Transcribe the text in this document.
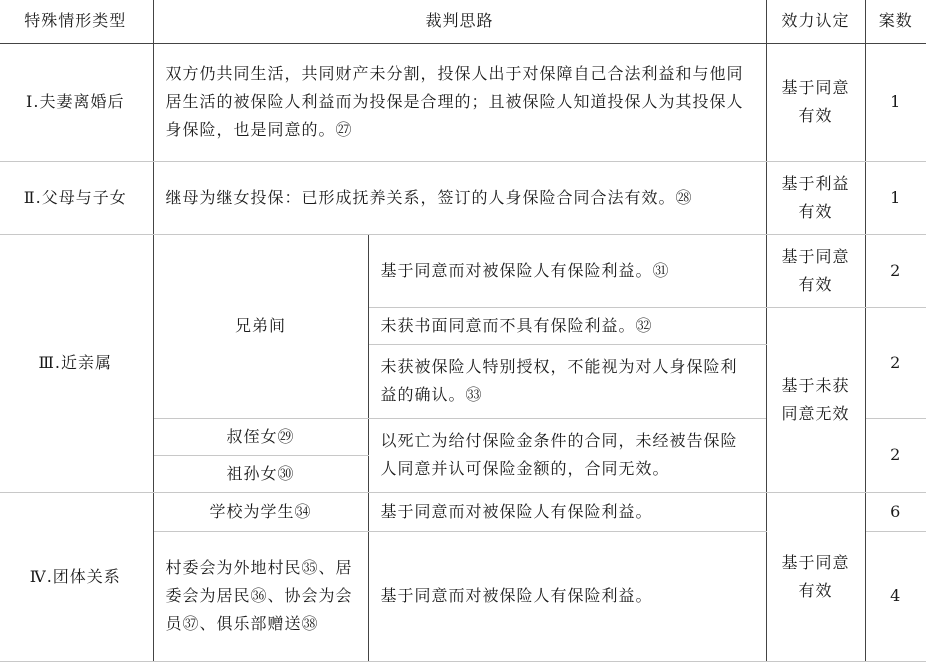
特殊情形类型	裁判思路		效力认定	案数
Ⅰ.夫妻离婚后	双方仍共同生活，共同财产未分割，投保人出于对保障自己合法利益和与他同居生活的被保险人利益而为投保是合理的；且被保险人知道投保人为其投保人身保险，也是同意的。㉗		基于同意有效	1
Ⅱ.父母与子女	继母为继女投保：已形成抚养关系，签订的人身保险合同合法有效。㉘		基于利益有效	1
Ⅲ.近亲属	兄弟间	基于同意而对被保险人有保险利益。㉛	基于同意有效	2
		未获书面同意而不具有保险利益。㉜	基于未获同意无效	2
		未获被保险人特别授权，不能视为对人身保险利益的确认。㉝		
	叔侄女㉙	以死亡为给付保险金条件的合同，未经被告保险人同意并认可保险金额的，合同无效。		2
	祖孙女㉚			
Ⅳ.团体关系	学校为学生㉞	基于同意而对被保险人有保险利益。	基于同意有效	6
	村委会为外地村民㉟、居委会为居民㊱、协会为会员㊲、俱乐部赠送㊳	基于同意而对被保险人有保险利益。		4
